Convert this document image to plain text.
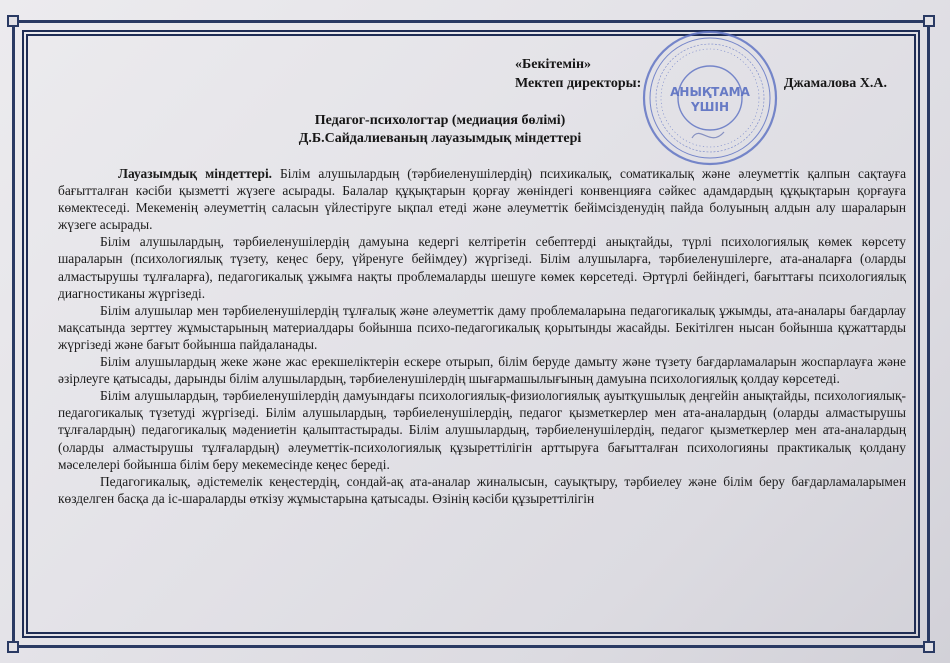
«Бекітемін»
Мектеп директоры:	Джамалова Х.А.
АНЫҚТАМА
ҮШІН
Педагог-психологтар (медиация бөлімі)
Д.Б.Сайдалиеваның лауазымдық міндеттері

Лауазымдық міндеттері. Білім алушылардың (тәрбиеленушілердің) психикалық, соматикалық және әлеуметтік қалпын сақтауға бағытталған кәсіби қызметті жүзеге асырады. Балалар құқықтарын қорғау жөніндегі конвенцияға сәйкес адамдардың құқықтарын қорғауға көмектеседі. Мекеменің әлеуметтің саласын үйлестіруге ықпал етеді және әлеуметтік бейімсізденудің пайда болуының алдын алу шараларын жүзеге асырады.

Білім алушылардың, тәрбиеленушілердің дамуына кедергі келтіретін себептерді анықтайды, түрлі психологиялық көмек көрсету шараларын (психологиялық түзету, кеңес беру, үйренуге бейімдеу) жүргізеді. Білім алушыларға, тәрбиеленушілерге, ата-аналарға (оларды алмастырушы тұлғаларға), педагогикалық ұжымға нақты проблемаларды шешуге көмек көрсетеді. Әртүрлі бейіндегі, бағыттағы психологиялық диагностиканы жүргізеді.

Білім алушылар мен тәрбиеленушілердің тұлғалық және әлеуметтік даму проблемаларына педагогикалық ұжымды, ата-аналары бағдарлау мақсатында зерттеу жұмыстарының материалдары бойынша психо-педагогикалық қорытынды жасайды. Бекітілген нысан бойынша құжаттарды жүргізеді және бағыт бойынша пайдаланады.

Білім алушылардың жеке және жас ерекшеліктерін ескере отырып, білім беруде дамыту және түзету бағдарламаларын жоспарлауға және әзірлеуге қатысады, дарынды білім алушылардың, тәрбиеленушілердің шығармашылығының дамуына психологиялық қолдау көрсетеді.

Білім алушылардың, тәрбиеленушілердің дамуындағы психологиялық-физиологиялық ауытқушылық деңгейін анықтайды, психологиялық-педагогикалық түзетуді жүргізеді. Білім алушылардың, тәрбиеленушілердің, педагог қызметкерлер мен ата-аналардың (оларды алмастырушы тұлғалардың) педагогикалық мәдениетін қалыптастырады. Білім алушылардың, тәрбиеленушілердің, педагог қызметкерлер мен ата-аналардың (оларды алмастырушы тұлғалардың) әлеуметтік-психологиялық құзыреттілігін арттыруға бағытталған психологияны практикалық қолдану мәселелері бойынша білім беру мекемесінде кеңес береді.

Педагогикалық, әдістемелік кеңестердің, сондай-ақ ата-аналар жиналысын, сауықтыру, тәрбиелеу және білім беру бағдарламаларымен көзделген басқа да іс-шараларды өткізу жұмыстарына қатысады. Өзінің кәсіби құзыреттілігін
